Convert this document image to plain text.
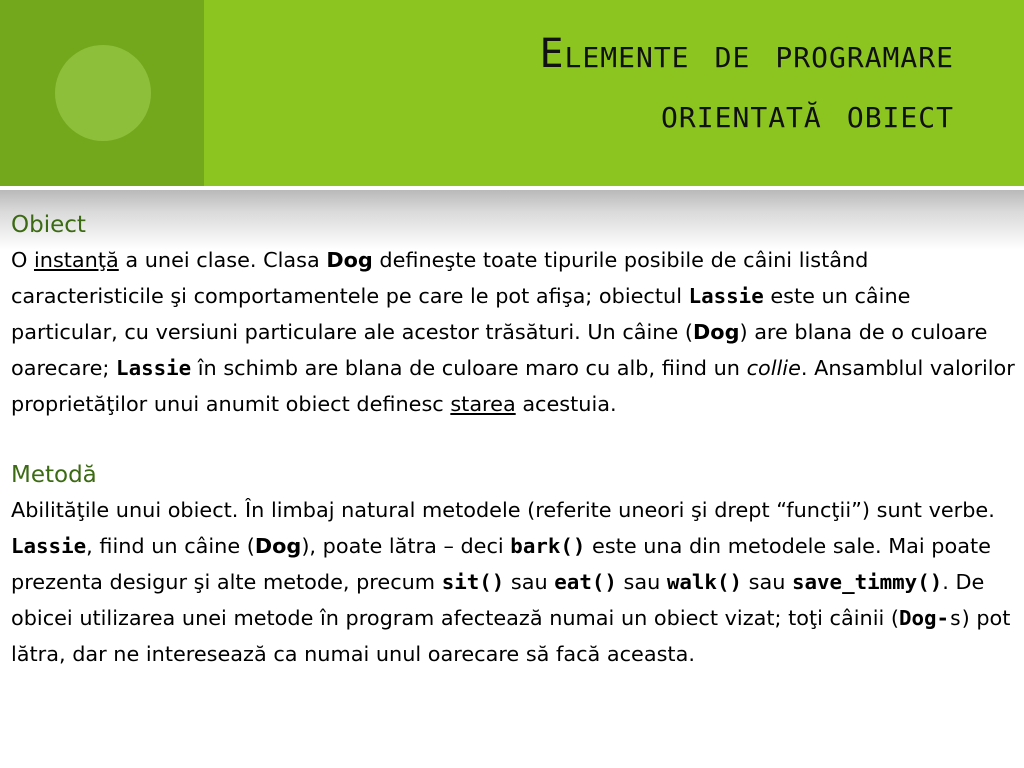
Elemente de programare
orientată obiect
Obiect

O instanţă a unei clase. Clasa Dog defineşte toate tipurile posibile de câini listând caracteristicile şi comportamentele pe care le pot afişa; obiectul Lassie este un câine particular, cu versiuni particulare ale acestor trăsături. Un câine (Dog) are blana de o culoare oarecare; Lassie în schimb are blana de culoare maro cu alb, fiind un collie. Ansamblul valorilor proprietăţilor unui anumit obiect definesc starea acestuia.

Metodă

Abilităţile unui obiect. În limbaj natural metodele (referite uneori şi drept “funcţii”) sunt verbe. Lassie, fiind un câine (Dog), poate lătra – deci bark() este una din metodele sale. Mai poate prezenta desigur şi alte metode, precum sit() sau eat() sau walk() sau save_timmy(). De obicei utilizarea unei metode în program afectează numai un obiect vizat; toţi câinii (Dog-s) pot lătra, dar ne interesează ca numai unul oarecare să facă aceasta.
